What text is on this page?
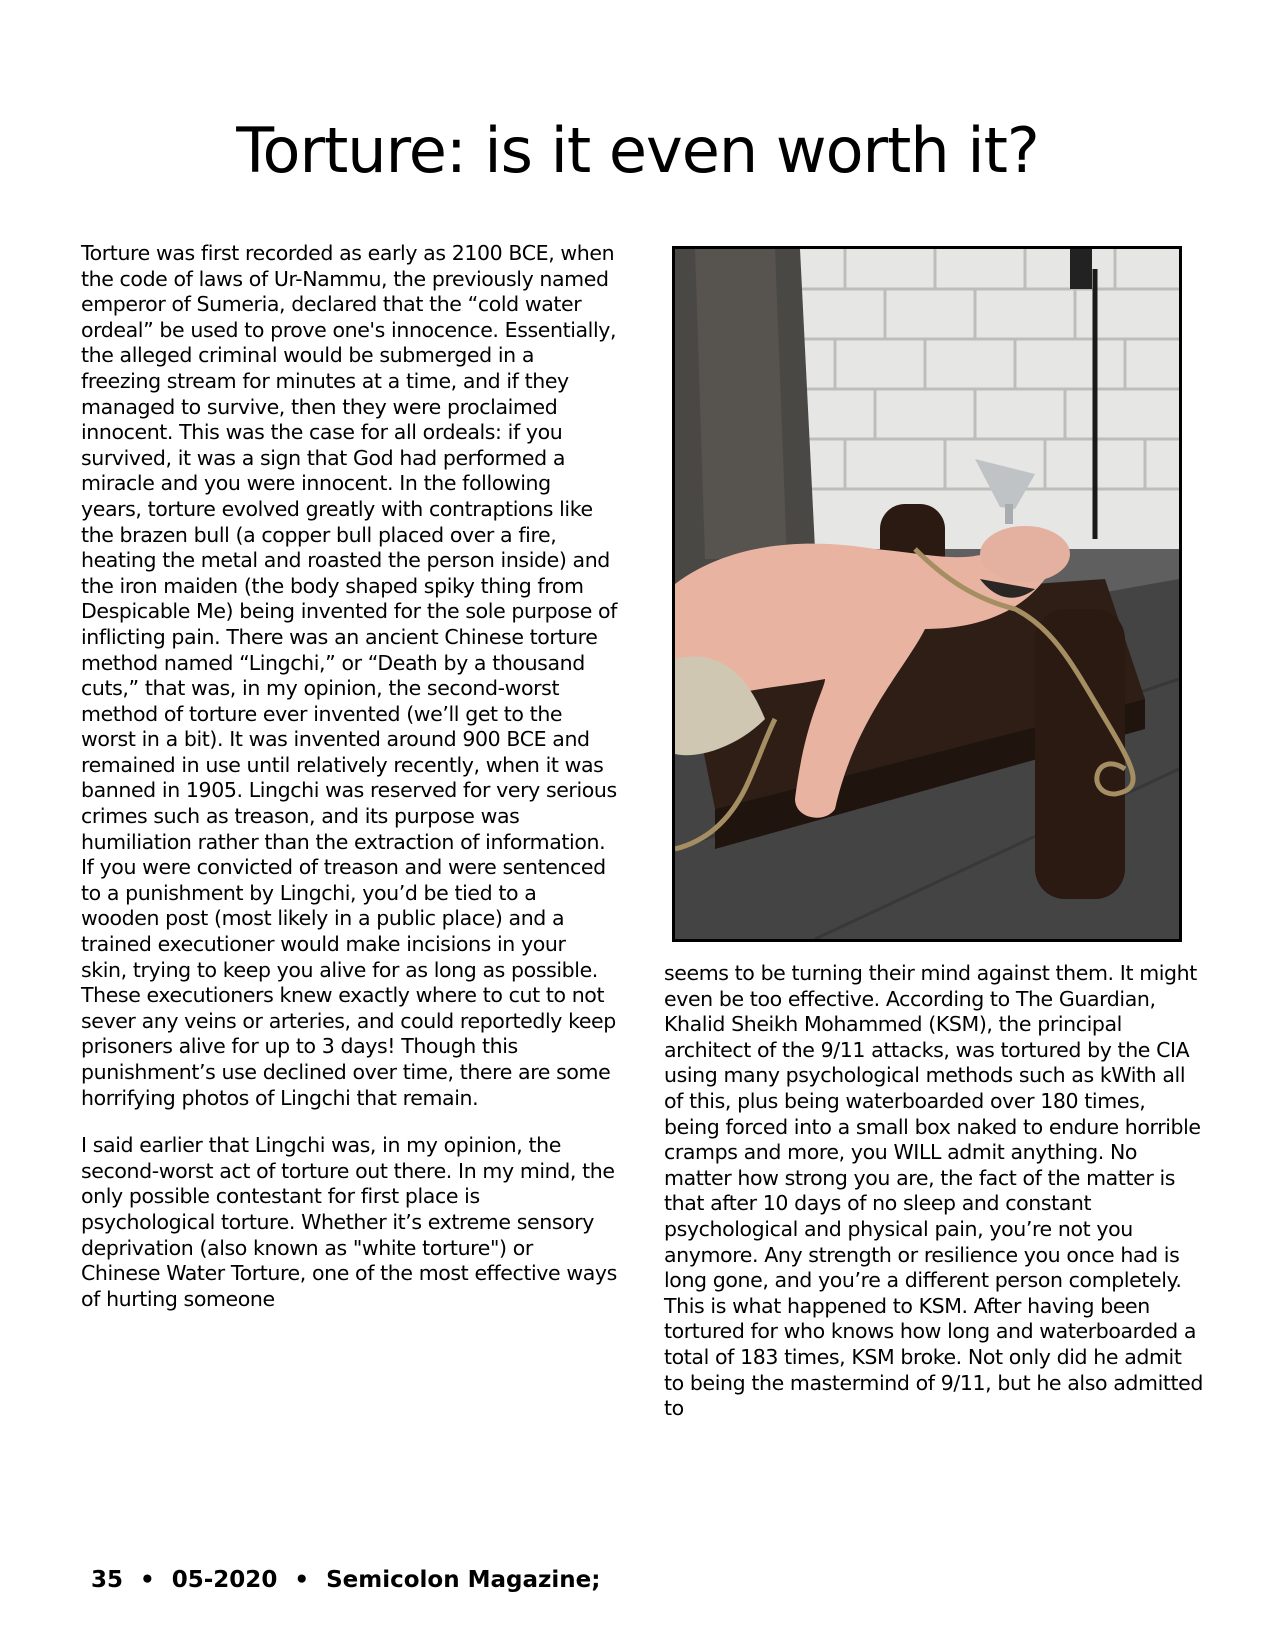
Torture: is it even worth it?

Torture was first recorded as early as 2100 BCE, when the code of laws of Ur-Nammu, the previously named emperor of Sumeria, declared that the “cold water ordeal” be used to prove one's innocence. Essentially, the alleged criminal would be submerged in a freezing stream for minutes at a time, and if they managed to survive, then they were proclaimed innocent. This was the case for all ordeals: if you survived, it was a sign that God had performed a miracle and you were innocent. In the following years, torture evolved greatly with contraptions like the brazen bull (a copper bull placed over a fire, heating the metal and roasted the person inside) and the iron maiden (the body shaped spiky thing from Despicable Me) being invented for the sole purpose of inflicting pain. There was an ancient Chinese torture method named “Lingchi,” or “Death by a thousand cuts,” that was, in my opinion, the second-worst method of torture ever invented (we’ll get to the worst in a bit). It was invented around 900 BCE and remained in use until relatively recently, when it was banned in 1905. Lingchi was reserved for very serious crimes such as treason, and its purpose was humiliation rather than the extraction of information. If you were convicted of treason and were sentenced to a punishment by Lingchi, you’d be tied to a wooden post (most likely in a public place) and a trained executioner would make incisions in your skin, trying to keep you alive for as long as possible. These executioners knew exactly where to cut to not sever any veins or arteries, and could reportedly keep prisoners alive for up to 3 days! Though this punishment’s use declined over time, there are some horrifying photos of Lingchi that remain.

I said earlier that Lingchi was, in my opinion, the second-worst act of torture out there. In my mind, the only possible contestant for first place is psychological torture. Whether it’s extreme sensory deprivation (also known as "white torture") or Chinese Water Torture, one of the most effective ways of hurting someone

seems to be turning their mind against them. It might even be too effective. According to The Guardian, Khalid Sheikh Mohammed (KSM), the principal architect of the 9/11 attacks, was tortured by the CIA using many psychological methods such as kWith all of this, plus being waterboarded over 180 times, being forced into a small box naked to endure horrible cramps and more, you WILL admit anything. No matter how strong you are, the fact of the matter is that after 10 days of no sleep and constant psychological and physical pain, you’re not you anymore. Any strength or resilience you once had is long gone, and you’re a different person completely. This is what happened to KSM. After having been tortured for who knows how long and waterboarded a total of 183 times, KSM broke. Not only did he admit to being the mastermind of 9/11, but he also admitted to

35 • 05-2020 • Semicolon Magazine;
